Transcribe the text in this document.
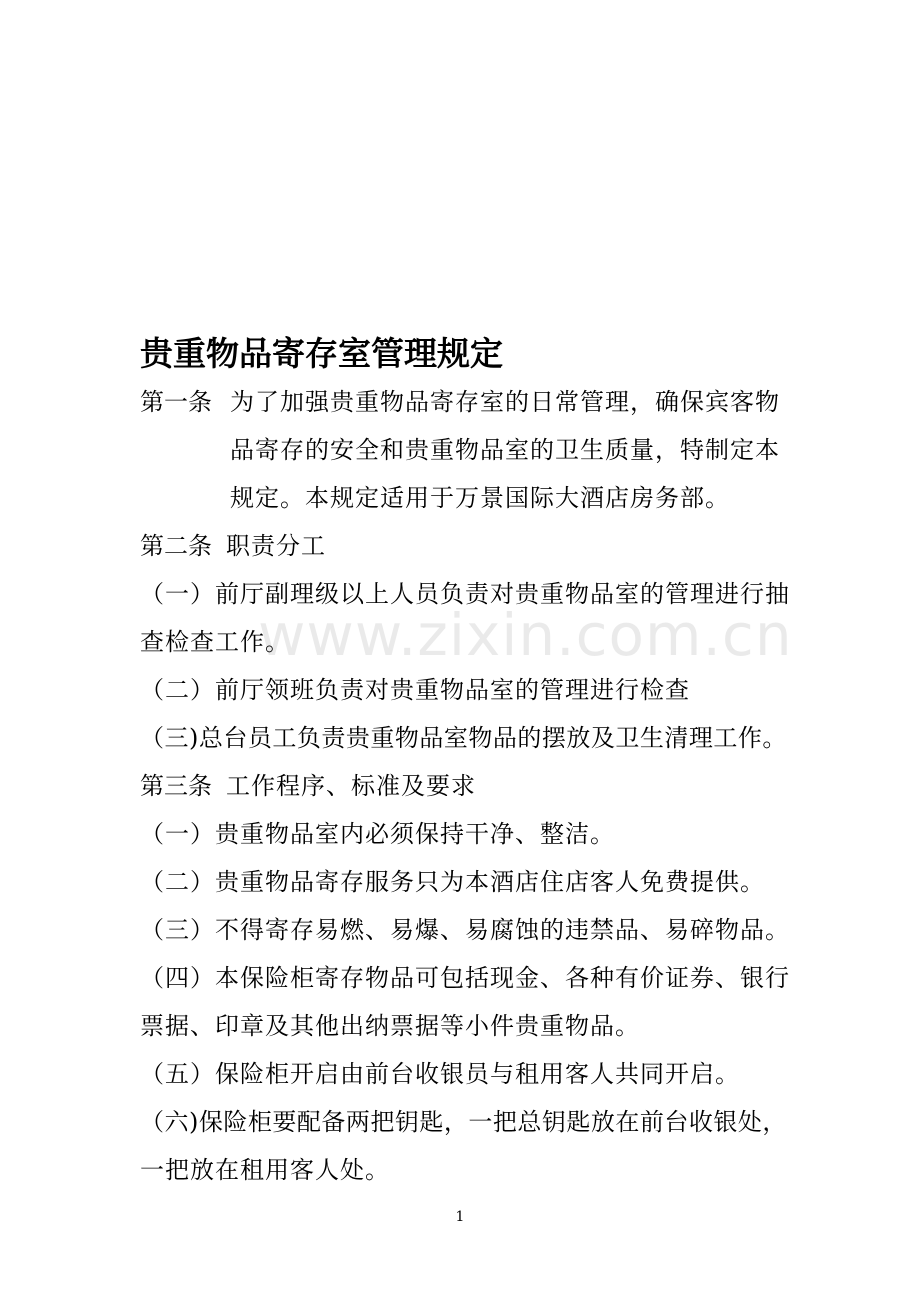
www.zixin.com.cn
贵重物品寄存室管理规定
第一条 为了加强贵重物品寄存室的日常管理，确保宾客物
品寄存的安全和贵重物品室的卫生质量，特制定本
规定。本规定适用于万景国际大酒店房务部。
第二条 职责分工
（一）前厅副理级以上人员负责对贵重物品室的管理进行抽
查检查工作。
（二）前厅领班负责对贵重物品室的管理进行检查
（三)总台员工负责贵重物品室物品的摆放及卫生清理工作。
第三条 工作程序、标准及要求
（一）贵重物品室内必须保持干净、整洁。
（二）贵重物品寄存服务只为本酒店住店客人免费提供。
（三）不得寄存易燃、易爆、易腐蚀的违禁品、易碎物品。
（四）本保险柜寄存物品可包括现金、各种有价证券、银行
票据、印章及其他出纳票据等小件贵重物品。
（五）保险柜开启由前台收银员与租用客人共同开启。
（六)保险柜要配备两把钥匙，一把总钥匙放在前台收银处，
一把放在租用客人处。
1
